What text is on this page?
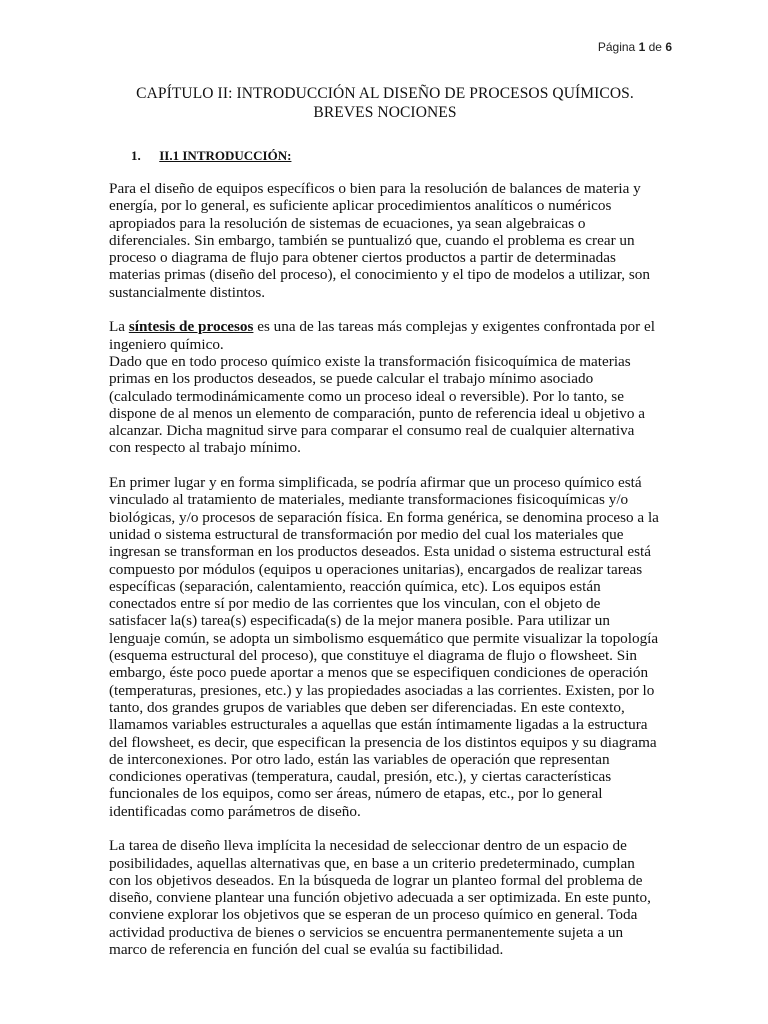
Página 1 de 6
CAPÍTULO II: INTRODUCCIÓN AL DISEÑO DE PROCESOS QUÍMICOS.
BREVES NOCIONES
1. II.1 INTRODUCCIÓN:

Para el diseño de equipos específicos o bien para la resolución de balances de materia y energía, por lo general, es suficiente aplicar procedimientos analíticos o numéricos apropiados para la resolución de sistemas de ecuaciones, ya sean algebraicas o diferenciales. Sin embargo, también se puntualizó que, cuando el problema es crear un proceso o diagrama de flujo para obtener ciertos productos a partir de determinadas materias primas (diseño del proceso), el conocimiento y el tipo de modelos a utilizar, son sustancialmente distintos.

La síntesis de procesos es una de las tareas más complejas y exigentes confrontada por el ingeniero químico.

Dado que en todo proceso químico existe la transformación fisicoquímica de materias primas en los productos deseados, se puede calcular el trabajo mínimo asociado (calculado termodinámicamente como un proceso ideal o reversible). Por lo tanto, se dispone de al menos un elemento de comparación, punto de referencia ideal u objetivo a alcanzar. Dicha magnitud sirve para comparar el consumo real de cualquier alternativa con respecto al trabajo mínimo.

En primer lugar y en forma simplificada, se podría afirmar que un proceso químico está vinculado al tratamiento de materiales, mediante transformaciones fisicoquímicas y/o biológicas, y/o procesos de separación física. En forma genérica, se denomina proceso a la unidad o sistema estructural de transformación por medio del cual los materiales que ingresan se transforman en los productos deseados. Esta unidad o sistema estructural está compuesto por módulos (equipos u operaciones unitarias), encargados de realizar tareas específicas (separación, calentamiento, reacción química, etc). Los equipos están conectados entre sí por medio de las corrientes que los vinculan, con el objeto de satisfacer la(s) tarea(s) especificada(s) de la mejor manera posible. Para utilizar un lenguaje común, se adopta un simbolismo esquemático que permite visualizar la topología (esquema estructural del proceso), que constituye el diagrama de flujo o flowsheet. Sin embargo, éste poco puede aportar a menos que se especifiquen condiciones de operación (temperaturas, presiones, etc.) y las propiedades asociadas a las corrientes. Existen, por lo tanto, dos grandes grupos de variables que deben ser diferenciadas. En este contexto, llamamos variables estructurales a aquellas que están íntimamente ligadas a la estructura del flowsheet, es decir, que especifican la presencia de los distintos equipos y su diagrama de interconexiones. Por otro lado, están las variables de operación que representan condiciones operativas (temperatura, caudal, presión, etc.), y ciertas características funcionales de los equipos, como ser áreas, número de etapas, etc., por lo general identificadas como parámetros de diseño.

La tarea de diseño lleva implícita la necesidad de seleccionar dentro de un espacio de posibilidades, aquellas alternativas que, en base a un criterio predeterminado, cumplan con los objetivos deseados. En la búsqueda de lograr un planteo formal del problema de diseño, conviene plantear una función objetivo adecuada a ser optimizada. En este punto, conviene explorar los objetivos que se esperan de un proceso químico en general. Toda actividad productiva de bienes o servicios se encuentra permanentemente sujeta a un marco de referencia en función del cual se evalúa su factibilidad.
